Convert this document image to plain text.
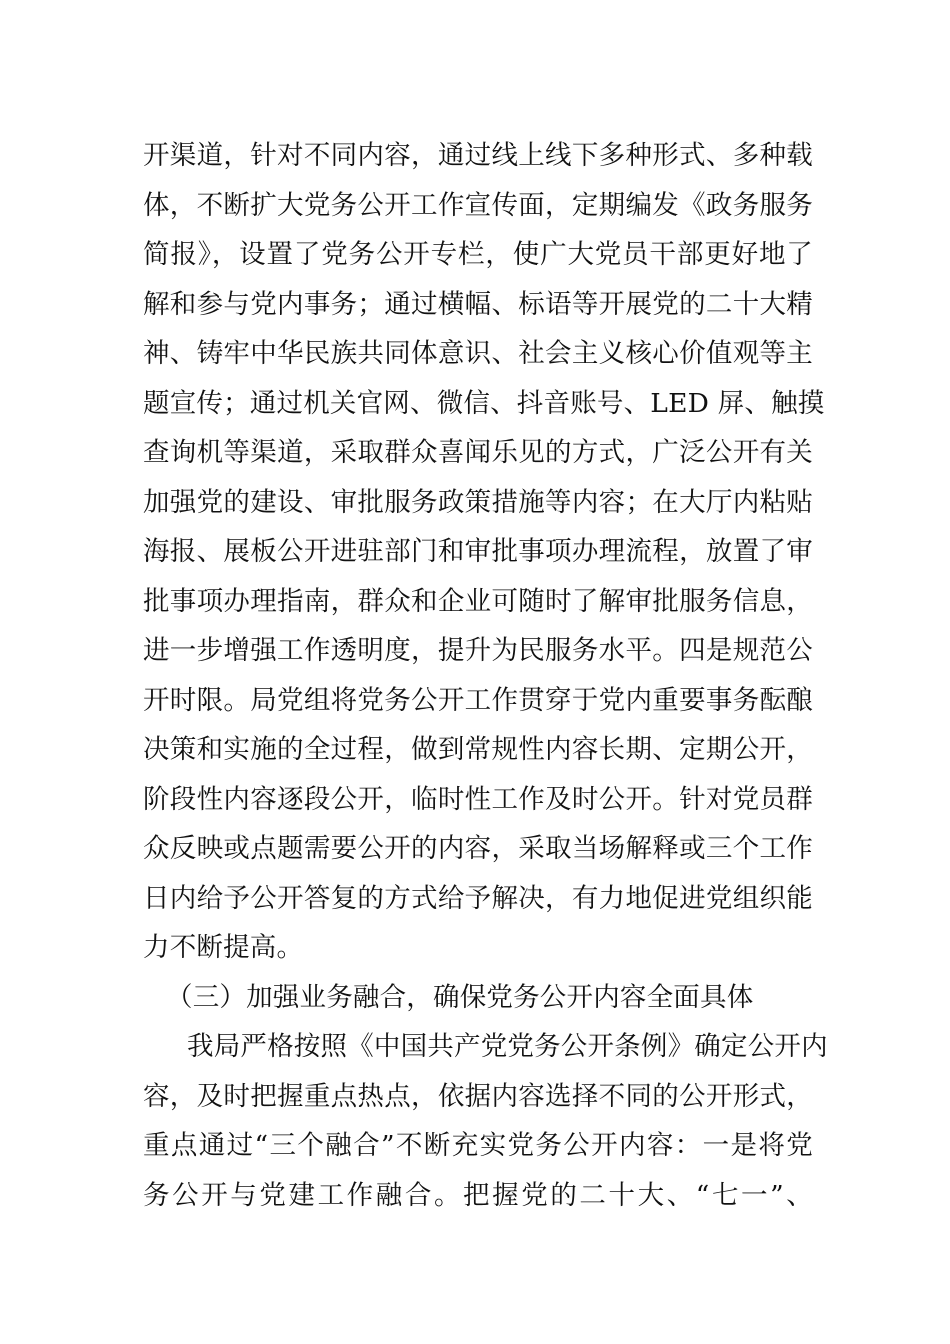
开渠道，针对不同内容，通过线上线下多种形式、多种载
体，不断扩大党务公开工作宣传面，定期编发《政务服务
简报》，设置了党务公开专栏，使广大党员干部更好地了
解和参与党内事务；通过横幅、标语等开展党的二十大精
神、铸牢中华民族共同体意识、社会主义核心价值观等主
题宣传；通过机关官网、微信、抖音账号、LED 屏、触摸
查询机等渠道，采取群众喜闻乐见的方式，广泛公开有关
加强党的建设、审批服务政策措施等内容；在大厅内粘贴
海报、展板公开进驻部门和审批事项办理流程，放置了审
批事项办理指南，群众和企业可随时了解审批服务信息，
进一步增强工作透明度，提升为民服务水平。四是规范公
开时限。局党组将党务公开工作贯穿于党内重要事务酝酿
决策和实施的全过程，做到常规性内容长期、定期公开，
阶段性内容逐段公开，临时性工作及时公开。针对党员群
众反映或点题需要公开的内容，采取当场解释或三个工作
日内给予公开答复的方式给予解决，有力地促进党组织能
力不断提高。
（三）加强业务融合，确保党务公开内容全面具体
我局严格按照《中国共产党党务公开条例》确定公开内
容，及时把握重点热点，依据内容选择不同的公开形式，
重点通过“三个融合”不断充实党务公开内容：一是将党
务公开与党建工作融合。把握党的二十大、“七一”、
